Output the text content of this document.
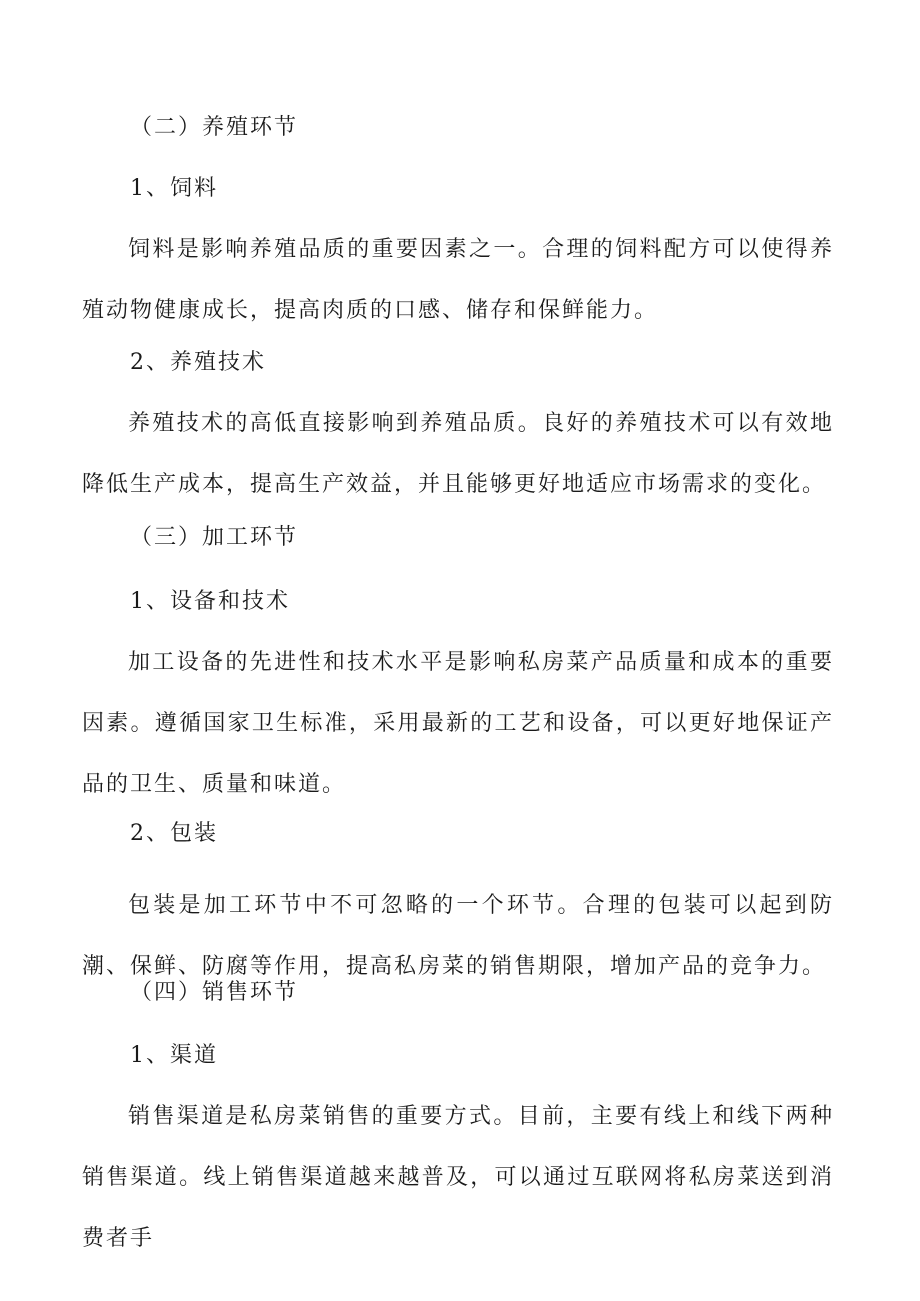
（二）养殖环节
1、饲料
饲料是影响养殖品质的重要因素之一。合理的饲料配方可以使得养殖动物健康成长，提高肉质的口感、储存和保鲜能力。
2、养殖技术
养殖技术的高低直接影响到养殖品质。良好的养殖技术可以有效地降低生产成本，提高生产效益，并且能够更好地适应市场需求的变化。
（三）加工环节
1、设备和技术
加工设备的先进性和技术水平是影响私房菜产品质量和成本的重要因素。遵循国家卫生标准，采用最新的工艺和设备，可以更好地保证产品的卫生、质量和味道。
2、包装
包装是加工环节中不可忽略的一个环节。合理的包装可以起到防潮、保鲜、防腐等作用，提高私房菜的销售期限，增加产品的竞争力。
（四）销售环节
1、渠道
销售渠道是私房菜销售的重要方式。目前，主要有线上和线下两种销售渠道。线上销售渠道越来越普及，可以通过互联网将私房菜送到消费者手
